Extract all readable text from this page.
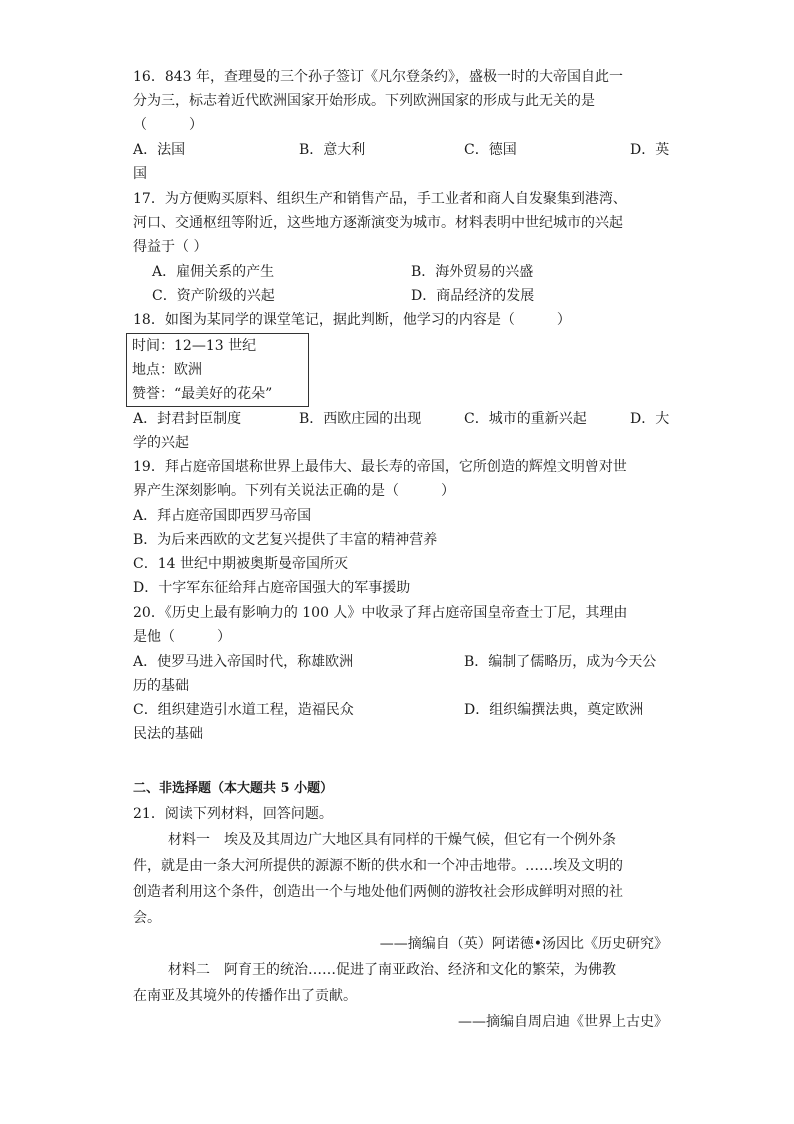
16．843 年，查理曼的三个孙子签订《凡尔登条约》，盛极一时的大帝国自此一
分为三，标志着近代欧洲国家开始形成。下列欧洲国家的形成与此无关的是
（　　　）
A．法国	B．意大利	C．德国	D．英
国
17．为方便购买原料、组织生产和销售产品，手工业者和商人自发聚集到港湾、
河口、交通枢纽等附近，这些地方逐渐演变为城市。材料表明中世纪城市的兴起
得益于（ ）
A．雇佣关系的产生	B．海外贸易的兴盛
C．资产阶级的兴起	D．商品经济的发展
18．如图为某同学的课堂笔记，据此判断，他学习的内容是（　　　）
时间：12—13 世纪
地点：欧洲
赞誉：“最美好的花朵”
A．封君封臣制度	B．西欧庄园的出现	C．城市的重新兴起	D．大
学的兴起
19．拜占庭帝国堪称世界上最伟大、最长寿的帝国，它所创造的辉煌文明曾对世
界产生深刻影响。下列有关说法正确的是（　　　）
A．拜占庭帝国即西罗马帝国
B．为后来西欧的文艺复兴提供了丰富的精神营养
C．14 世纪中期被奥斯曼帝国所灭
D．十字军东征给拜占庭帝国强大的军事援助
20．《历史上最有影响力的 100 人》中收录了拜占庭帝国皇帝查士丁尼，其理由
是他（　　　）
A．使罗马进入帝国时代，称雄欧洲	B．编制了儒略历，成为今天公
历的基础
C．组织建造引水道工程，造福民众	D．组织编撰法典，奠定欧洲
民法的基础
二、非选择题（本大题共 5 小题）
21．阅读下列材料，回答问题。
材料一　埃及及其周边广大地区具有同样的干燥气候，但它有一个例外条
件，就是由一条大河所提供的源源不断的供水和一个冲击地带。……埃及文明的
创造者利用这个条件，创造出一个与地处他们两侧的游牧社会形成鲜明对照的社
会。
——摘编自（英）阿诺德•汤因比《历史研究》
材料二　阿育王的统治……促进了南亚政治、经济和文化的繁荣，为佛教
在南亚及其境外的传播作出了贡献。
——摘编自周启迪《世界上古史》
